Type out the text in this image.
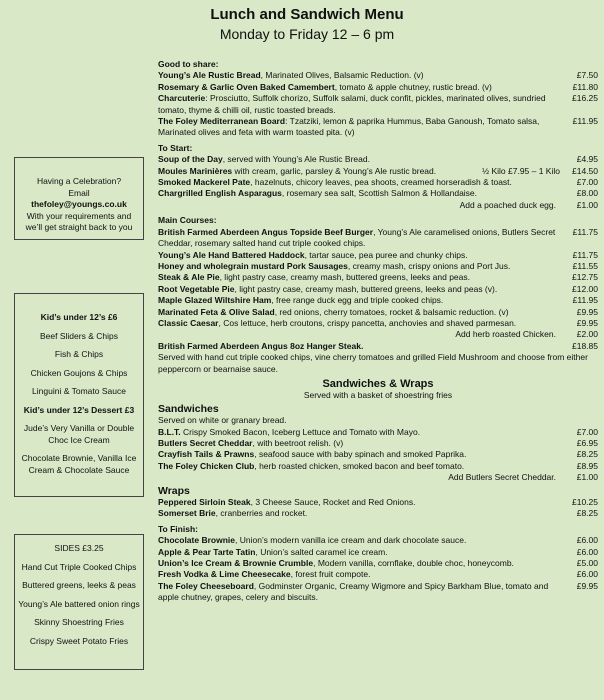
Lunch and Sandwich Menu
Monday to Friday 12 – 6 pm
Having a Celebration?
Email
thefoley@youngs.co.uk
With your requirements and
we’ll get straight back to you
Kid’s under 12’s £6
Beef Sliders & Chips
Fish & Chips
Chicken Goujons & Chips
Linguini & Tomato Sauce
Kid’s under 12’s Dessert £3
Jude’s Very Vanilla or Double Choc Ice Cream
Chocolate Brownie, Vanilla Ice Cream & Chocolate Sauce
SIDES £3.25
Hand Cut Triple Cooked Chips
Buttered greens, leeks & peas
Young’s Ale battered onion rings
Skinny Shoestring Fries
Crispy Sweet Potato Fries
Good to share:
Young’s Ale Rustic Bread, Marinated Olives, Balsamic Reduction. (v)	£7.50
Rosemary & Garlic Oven Baked Camembert, tomato & apple chutney, rustic bread. (v)	£11.80
Charcuterie: Prosciutto, Suffolk chorizo, Suffolk salami, duck confit, pickles, marinated olives, sundried tomato, thyme & chilli oil, rustic toasted breads.
£16.25
The Foley Mediterranean Board: Tzatziki, lemon & paprika Hummus, Baba Ganoush, Tomato salsa, Marinated olives and feta with warm toasted pita. (v)
£11.95
To Start:
Soup of the Day, served with Young’s Ale Rustic Bread.	£4.95
Moules Marinières with cream, garlic, parsley & Young’s Ale rustic bread.	½ Kilo £7.95 – 1 Kilo	£14.50
Smoked Mackerel Pate, hazelnuts, chicory leaves, pea shoots, creamed horseradish & toast.	£7.00
Chargrilled English Asparagus, rosemary sea salt, Scottish Salmon & Hollandaise.	£8.00
Add a poached duck egg.	£1.00
Main Courses:
British Farmed Aberdeen Angus Topside Beef Burger, Young’s Ale caramelised onions, Butlers Secret Cheddar, rosemary salted hand cut triple cooked chips.
£11.75
Young’s Ale Hand Battered Haddock, tartar sauce, pea puree and chunky chips.	£11.75
Honey and wholegrain mustard Pork Sausages, creamy mash, crispy onions and Port Jus.	£11.55
Steak & Ale Pie, light pastry case, creamy mash, buttered greens, leeks and peas.	£12.75
Root Vegetable Pie, light pastry case, creamy mash, buttered greens, leeks and peas (v).	£12.00
Maple Glazed Wiltshire Ham, free range duck egg and triple cooked chips.	£11.95
Marinated Feta & Olive Salad, red onions, cherry tomatoes, rocket & balsamic reduction. (v)	£9.95
Classic Caesar, Cos lettuce, herb croutons, crispy pancetta, anchovies and shaved parmesan.	£9.95
Add herb roasted Chicken.	£2.00
British Farmed Aberdeen Angus 8oz Hanger Steak.	£18.85
Served with hand cut triple cooked chips, vine cherry tomatoes and grilled Field Mushroom and choose from either peppercorn or bearnaise sauce.
Sandwiches & Wraps
Served with a basket of shoestring fries
Sandwiches
Served on white or granary bread.
B.L.T. Crispy Smoked Bacon, Iceberg Lettuce and Tomato with Mayo.	£7.00
Butlers Secret Cheddar, with beetroot relish. (v)	£6.95
Crayfish Tails & Prawns, seafood sauce with baby spinach and smoked Paprika.	£8.25
The Foley Chicken Club, herb roasted chicken, smoked bacon and beef tomato.	£8.95
Add Butlers Secret Cheddar.	£1.00
Wraps
Peppered Sirloin Steak, 3 Cheese Sauce, Rocket and Red Onions.	£10.25
Somerset Brie, cranberries and rocket.	£8.25
To Finish:
Chocolate Brownie, Union’s modern vanilla ice cream and dark chocolate sauce.	£6.00
Apple & Pear Tarte Tatin, Union’s salted caramel ice cream.	£6.00
Union’s Ice Cream & Brownie Crumble, Modern vanilla, cornflake, double choc, honeycomb.	£5.00
Fresh Vodka & Lime Cheesecake, forest fruit compote.	£6.00
The Foley Cheeseboard, Godminster Organic, Creamy Wigmore and Spicy Barkham Blue, tomato and apple chutney, grapes, celery and biscuits.
£9.95
